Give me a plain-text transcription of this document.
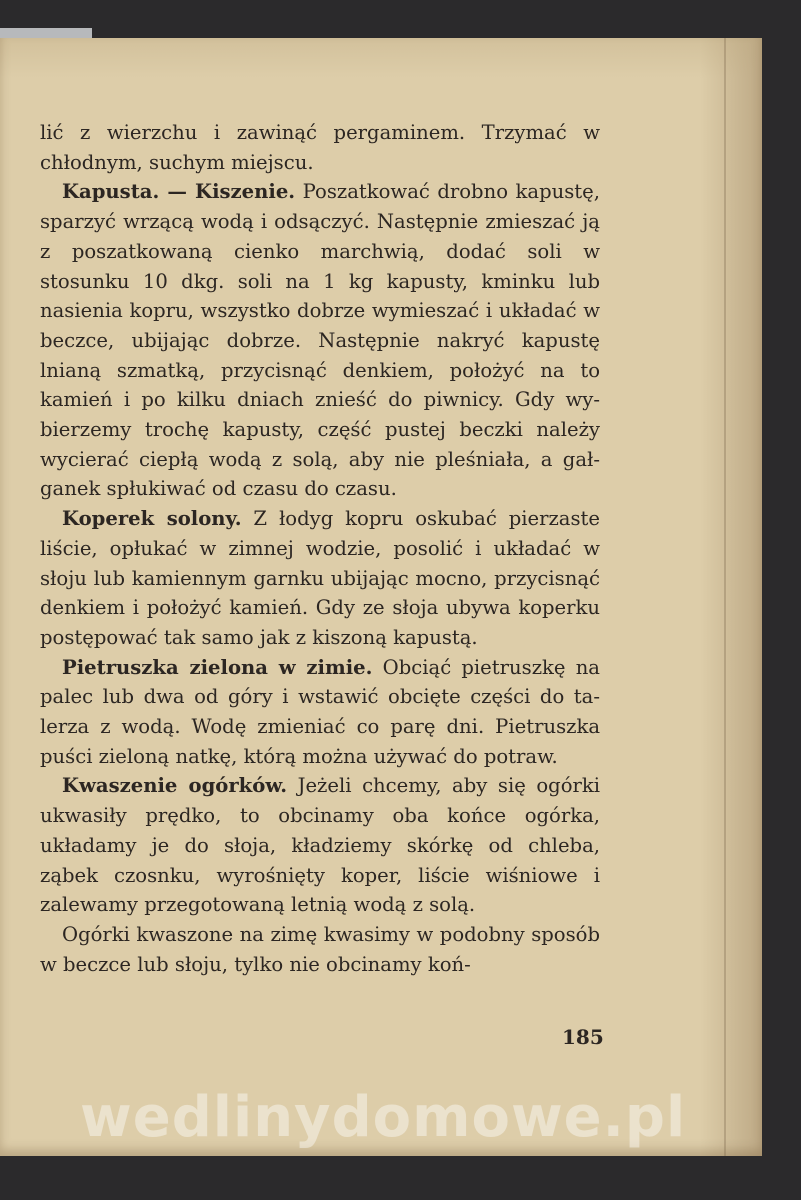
lić z wierzchu i zawinąć pergaminem. Trzymać w chłodnym, suchym miejscu.

Kapusta. — Kiszenie. Poszatkować drobno kapustę, sparzyć wrzącą wodą i odsączyć. Następnie zmieszać ją z poszatkowaną cienko marchwią, dodać soli w stosunku 10 dkg. soli na 1 kg kapusty, kminku lub nasienia kopru, wszystko dobrze wymieszać i układać w beczce, ubijając dobrze. Następnie nakryć kapustę lnianą szmatką, przycisnąć denkiem, położyć na to kamień i po kilku dniach znieść do piwnicy. Gdy wybierzemy trochę kapusty, część pustej beczki należy wycierać ciepłą wodą z solą, aby nie pleśniała, a gałganek spłukiwać od czasu do czasu.

Koperek solony. Z łodyg kopru oskubać pierzaste liście, opłukać w zimnej wodzie, posolić i układać w słoju lub kamiennym garnku ubijając mocno, przycisnąć denkiem i położyć kamień. Gdy ze słoja ubywa koperku postępować tak samo jak z kiszoną kapustą.

Pietruszka zielona w zimie. Obciąć pietruszkę na palec lub dwa od góry i wstawić obcięte części do talerza z wodą. Wodę zmieniać co parę dni. Pietruszka puści zieloną natkę, którą można używać do potraw.

Kwaszenie ogórków. Jeżeli chcemy, aby się ogórki ukwasiły prędko, to obcinamy oba końce ogórka, układamy je do słoja, kładziemy skórkę od chleba, ząbek czosnku, wyrośnięty koper, liście wiśniowe i zalewamy przegotowaną letnią wodą z solą.

Ogórki kwaszone na zimę kwasimy w podobny sposób w beczce lub słoju, tylko nie obcinamy koń-

185
wedlinydomowe.pl
